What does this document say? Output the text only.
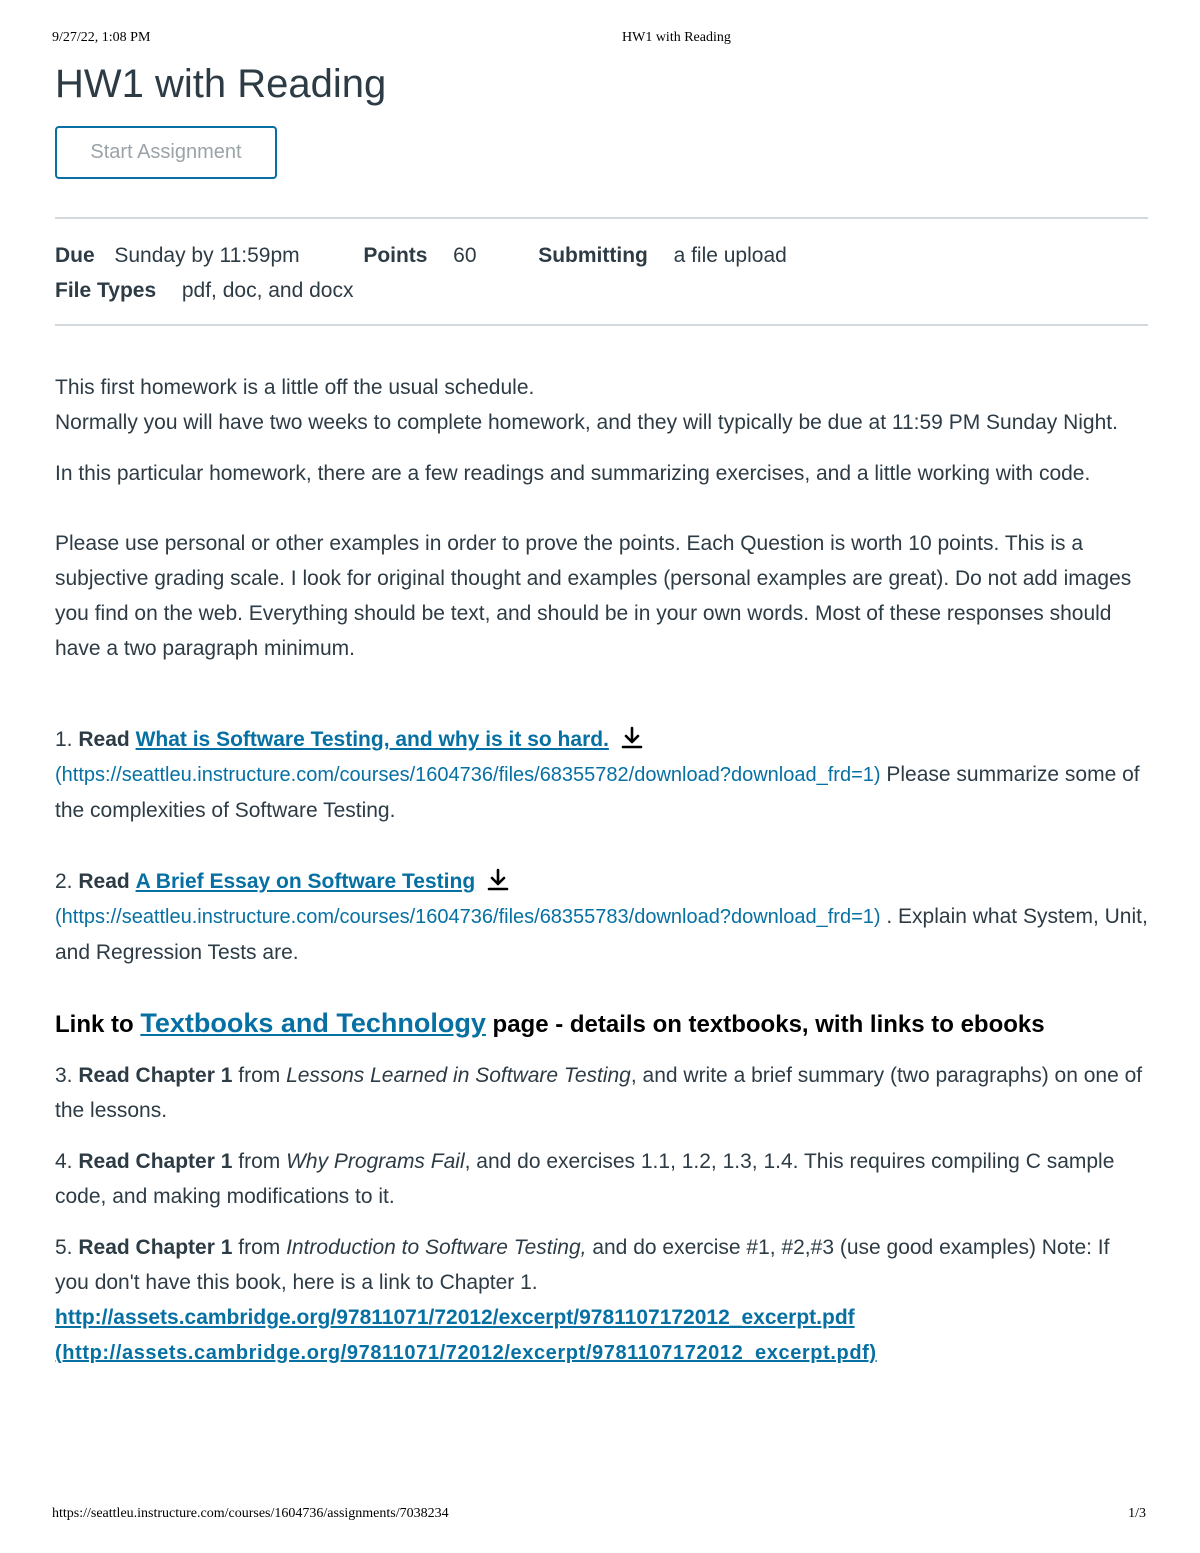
9/27/22, 1:08 PM	HW1 with Reading
HW1 with Reading
Start Assignment
Due Sunday by 11:59pm	Points 60	Submitting a file upload
File Types pdf, doc, and docx

This first homework is a little off the usual schedule.

Normally you will have two weeks to complete homework, and they will typically be due at 11:59 PM Sunday Night.

In this particular homework, there are a few readings and summarizing exercises, and a little working with code.

Please use personal or other examples in order to prove the points. Each Question is worth 10 points. This is a subjective grading scale. I look for original thought and examples (personal examples are great). Do not add images you find on the web. Everything should be text, and should be in your own words. Most of these responses should have a two paragraph minimum.

1. Read What is Software Testing, and why is it so hard.
(https://seattleu.instructure.com/courses/1604736/files/68355782/download?download_frd=1) Please summarize some of the complexities of Software Testing.

2. Read A Brief Essay on Software Testing
(https://seattleu.instructure.com/courses/1604736/files/68355783/download?download_frd=1) . Explain what System, Unit, and Regression Tests are.

Link to Textbooks and Technology page - details on textbooks, with links to ebooks

3. Read Chapter 1 from Lessons Learned in Software Testing, and write a brief summary (two paragraphs) on one of the lessons.

4. Read Chapter 1 from Why Programs Fail, and do exercises 1.1, 1.2, 1.3, 1.4. This requires compiling C sample code, and making modifications to it.

5. Read Chapter 1 from Introduction to Software Testing, and do exercise #1, #2,#3 (use good examples) Note: If you don't have this book, here is a link to Chapter 1.
http://assets.cambridge.org/97811071/72012/excerpt/9781107172012_excerpt.pdf
(http://assets.cambridge.org/97811071/72012/excerpt/9781107172012_excerpt.pdf)

https://seattleu.instructure.com/courses/1604736/assignments/7038234	1/3
